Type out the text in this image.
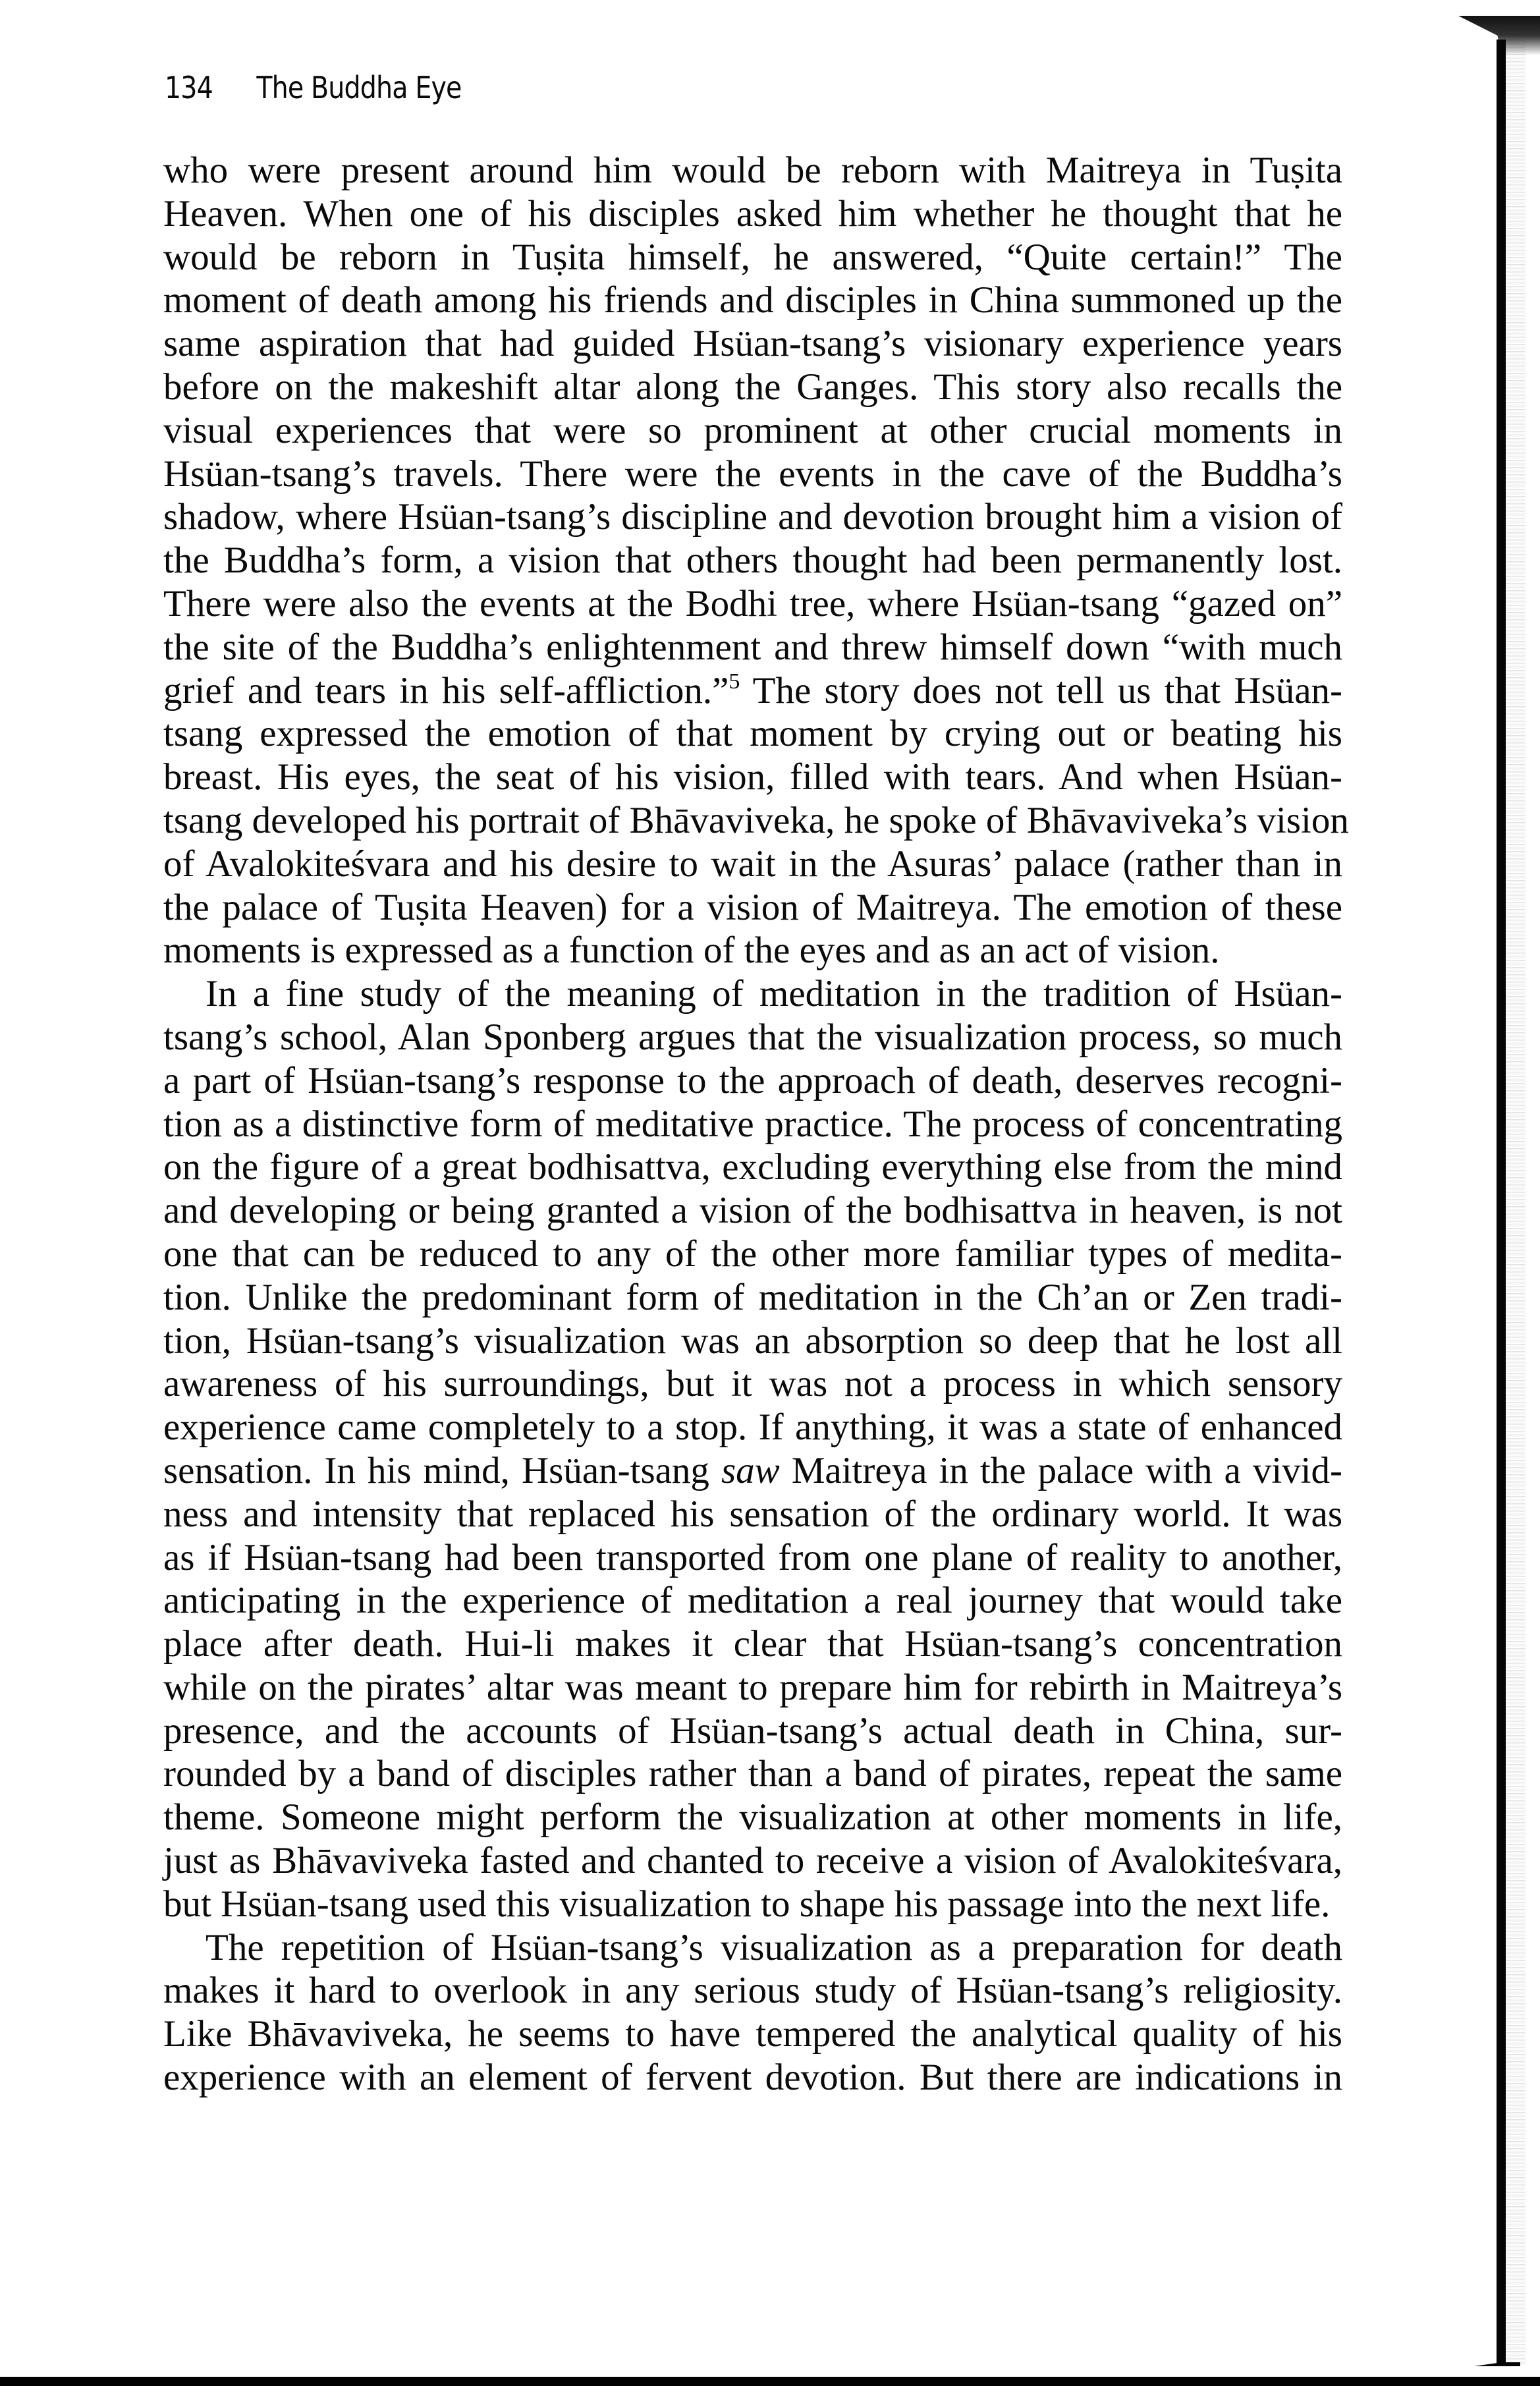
134 The Buddha Eye
who were present around him would be reborn with Maitreya in Tuṣita
Heaven. When one of his disciples asked him whether he thought that he
would be reborn in Tuṣita himself, he answered, “Quite certain!” The
moment of death among his friends and disciples in China summoned up the
same aspiration that had guided Hsüan-tsang’s visionary experience years
before on the makeshift altar along the Ganges. This story also recalls the
visual experiences that were so prominent at other crucial moments in
Hsüan-tsang’s travels. There were the events in the cave of the Buddha’s
shadow, where Hsüan-tsang’s discipline and devotion brought him a vision of
the Buddha’s form, a vision that others thought had been permanently lost.
There were also the events at the Bodhi tree, where Hsüan-tsang “gazed on”
the site of the Buddha’s enlightenment and threw himself down “with much
grief and tears in his self-affliction.”$^5$ The story does not tell us that Hsüan-
tsang expressed the emotion of that moment by crying out or beating his
breast. His eyes, the seat of his vision, filled with tears. And when Hsüan-
tsang developed his portrait of Bhāvaviveka, he spoke of Bhāvaviveka’s vision
of Avalokiteśvara and his desire to wait in the Asuras’ palace (rather than in
the palace of Tuṣita Heaven) for a vision of Maitreya. The emotion of these
moments is expressed as a function of the eyes and as an act of vision.
In a fine study of the meaning of meditation in the tradition of Hsüan-
tsang’s school, Alan Sponberg argues that the visualization process, so much
a part of Hsüan-tsang’s response to the approach of death, deserves recogni-
tion as a distinctive form of meditative practice. The process of concentrating
on the figure of a great bodhisattva, excluding everything else from the mind
and developing or being granted a vision of the bodhisattva in heaven, is not
one that can be reduced to any of the other more familiar types of medita-
tion. Unlike the predominant form of meditation in the Ch’an or Zen tradi-
tion, Hsüan-tsang’s visualization was an absorption so deep that he lost all
awareness of his surroundings, but it was not a process in which sensory
experience came completely to a stop. If anything, it was a state of enhanced
sensation. In his mind, Hsüan-tsang saw Maitreya in the palace with a vivid-
ness and intensity that replaced his sensation of the ordinary world. It was
as if Hsüan-tsang had been transported from one plane of reality to another,
anticipating in the experience of meditation a real journey that would take
place after death. Hui-li makes it clear that Hsüan-tsang’s concentration
while on the pirates’ altar was meant to prepare him for rebirth in Maitreya’s
presence, and the accounts of Hsüan-tsang’s actual death in China, sur-
rounded by a band of disciples rather than a band of pirates, repeat the same
theme. Someone might perform the visualization at other moments in life,
just as Bhāvaviveka fasted and chanted to receive a vision of Avalokiteśvara,
but Hsüan-tsang used this visualization to shape his passage into the next life.
The repetition of Hsüan-tsang’s visualization as a preparation for death
makes it hard to overlook in any serious study of Hsüan-tsang’s religiosity.
Like Bhāvaviveka, he seems to have tempered the analytical quality of his
experience with an element of fervent devotion. But there are indications in
